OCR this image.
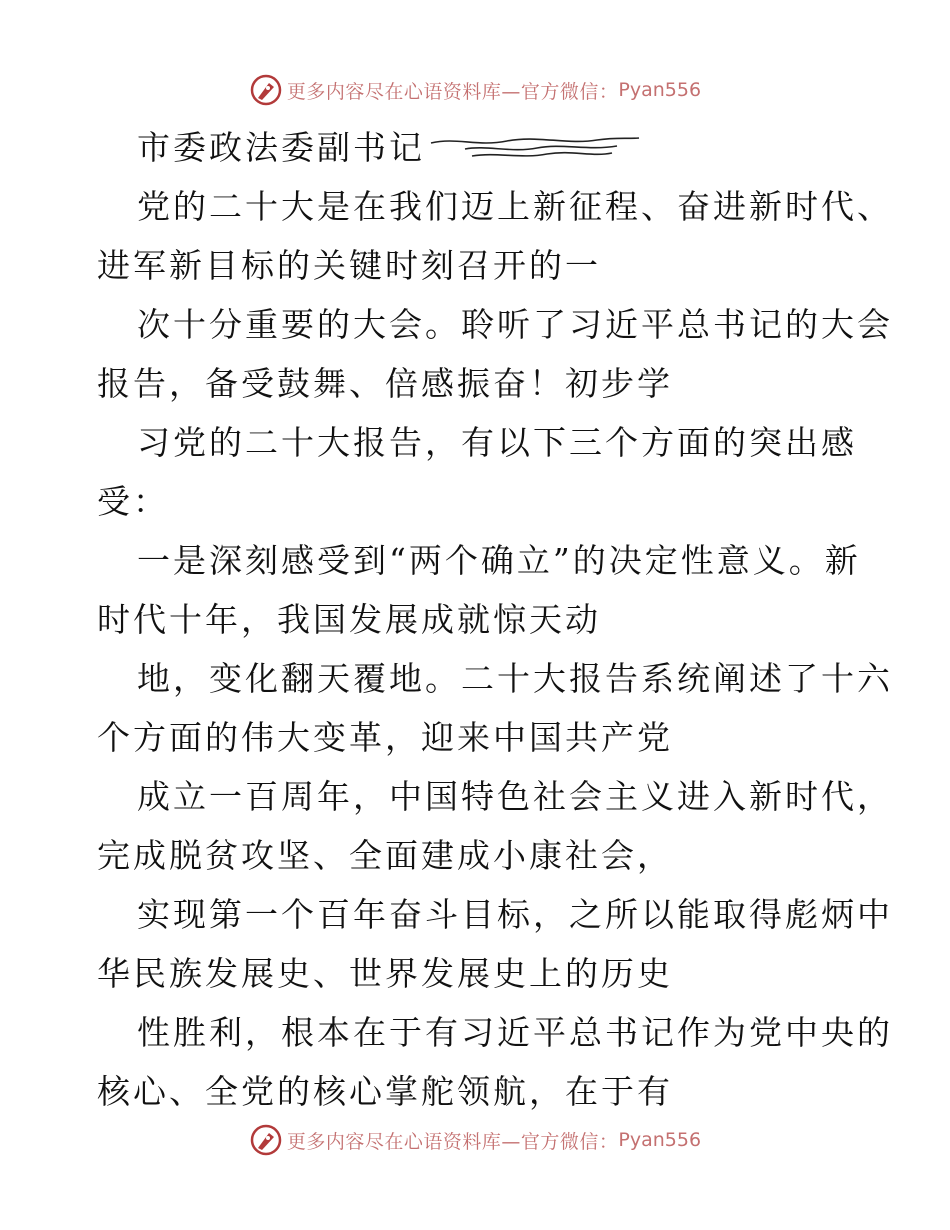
更多内容尽在心语资料库—官方微信： Pyan556
市委政法委副书记
党的二十大是在我们迈上新征程、奋进新时代、
进军新目标的关键时刻召开的一
次十分重要的大会。聆听了习近平总书记的大会
报告，备受鼓舞、倍感振奋！初步学
习党的二十大报告，有以下三个方面的突出感
受：
一是深刻感受到“两个确立”的决定性意义。新
时代十年，我国发展成就惊天动
地，变化翻天覆地。二十大报告系统阐述了十六
个方面的伟大变革，迎来中国共产党
成立一百周年，中国特色社会主义进入新时代，
完成脱贫攻坚、全面建成小康社会，
实现第一个百年奋斗目标，之所以能取得彪炳中
华民族发展史、世界发展史上的历史
性胜利，根本在于有习近平总书记作为党中央的
核心、全党的核心掌舵领航，在于有
更多内容尽在心语资料库—官方微信： Pyan556
